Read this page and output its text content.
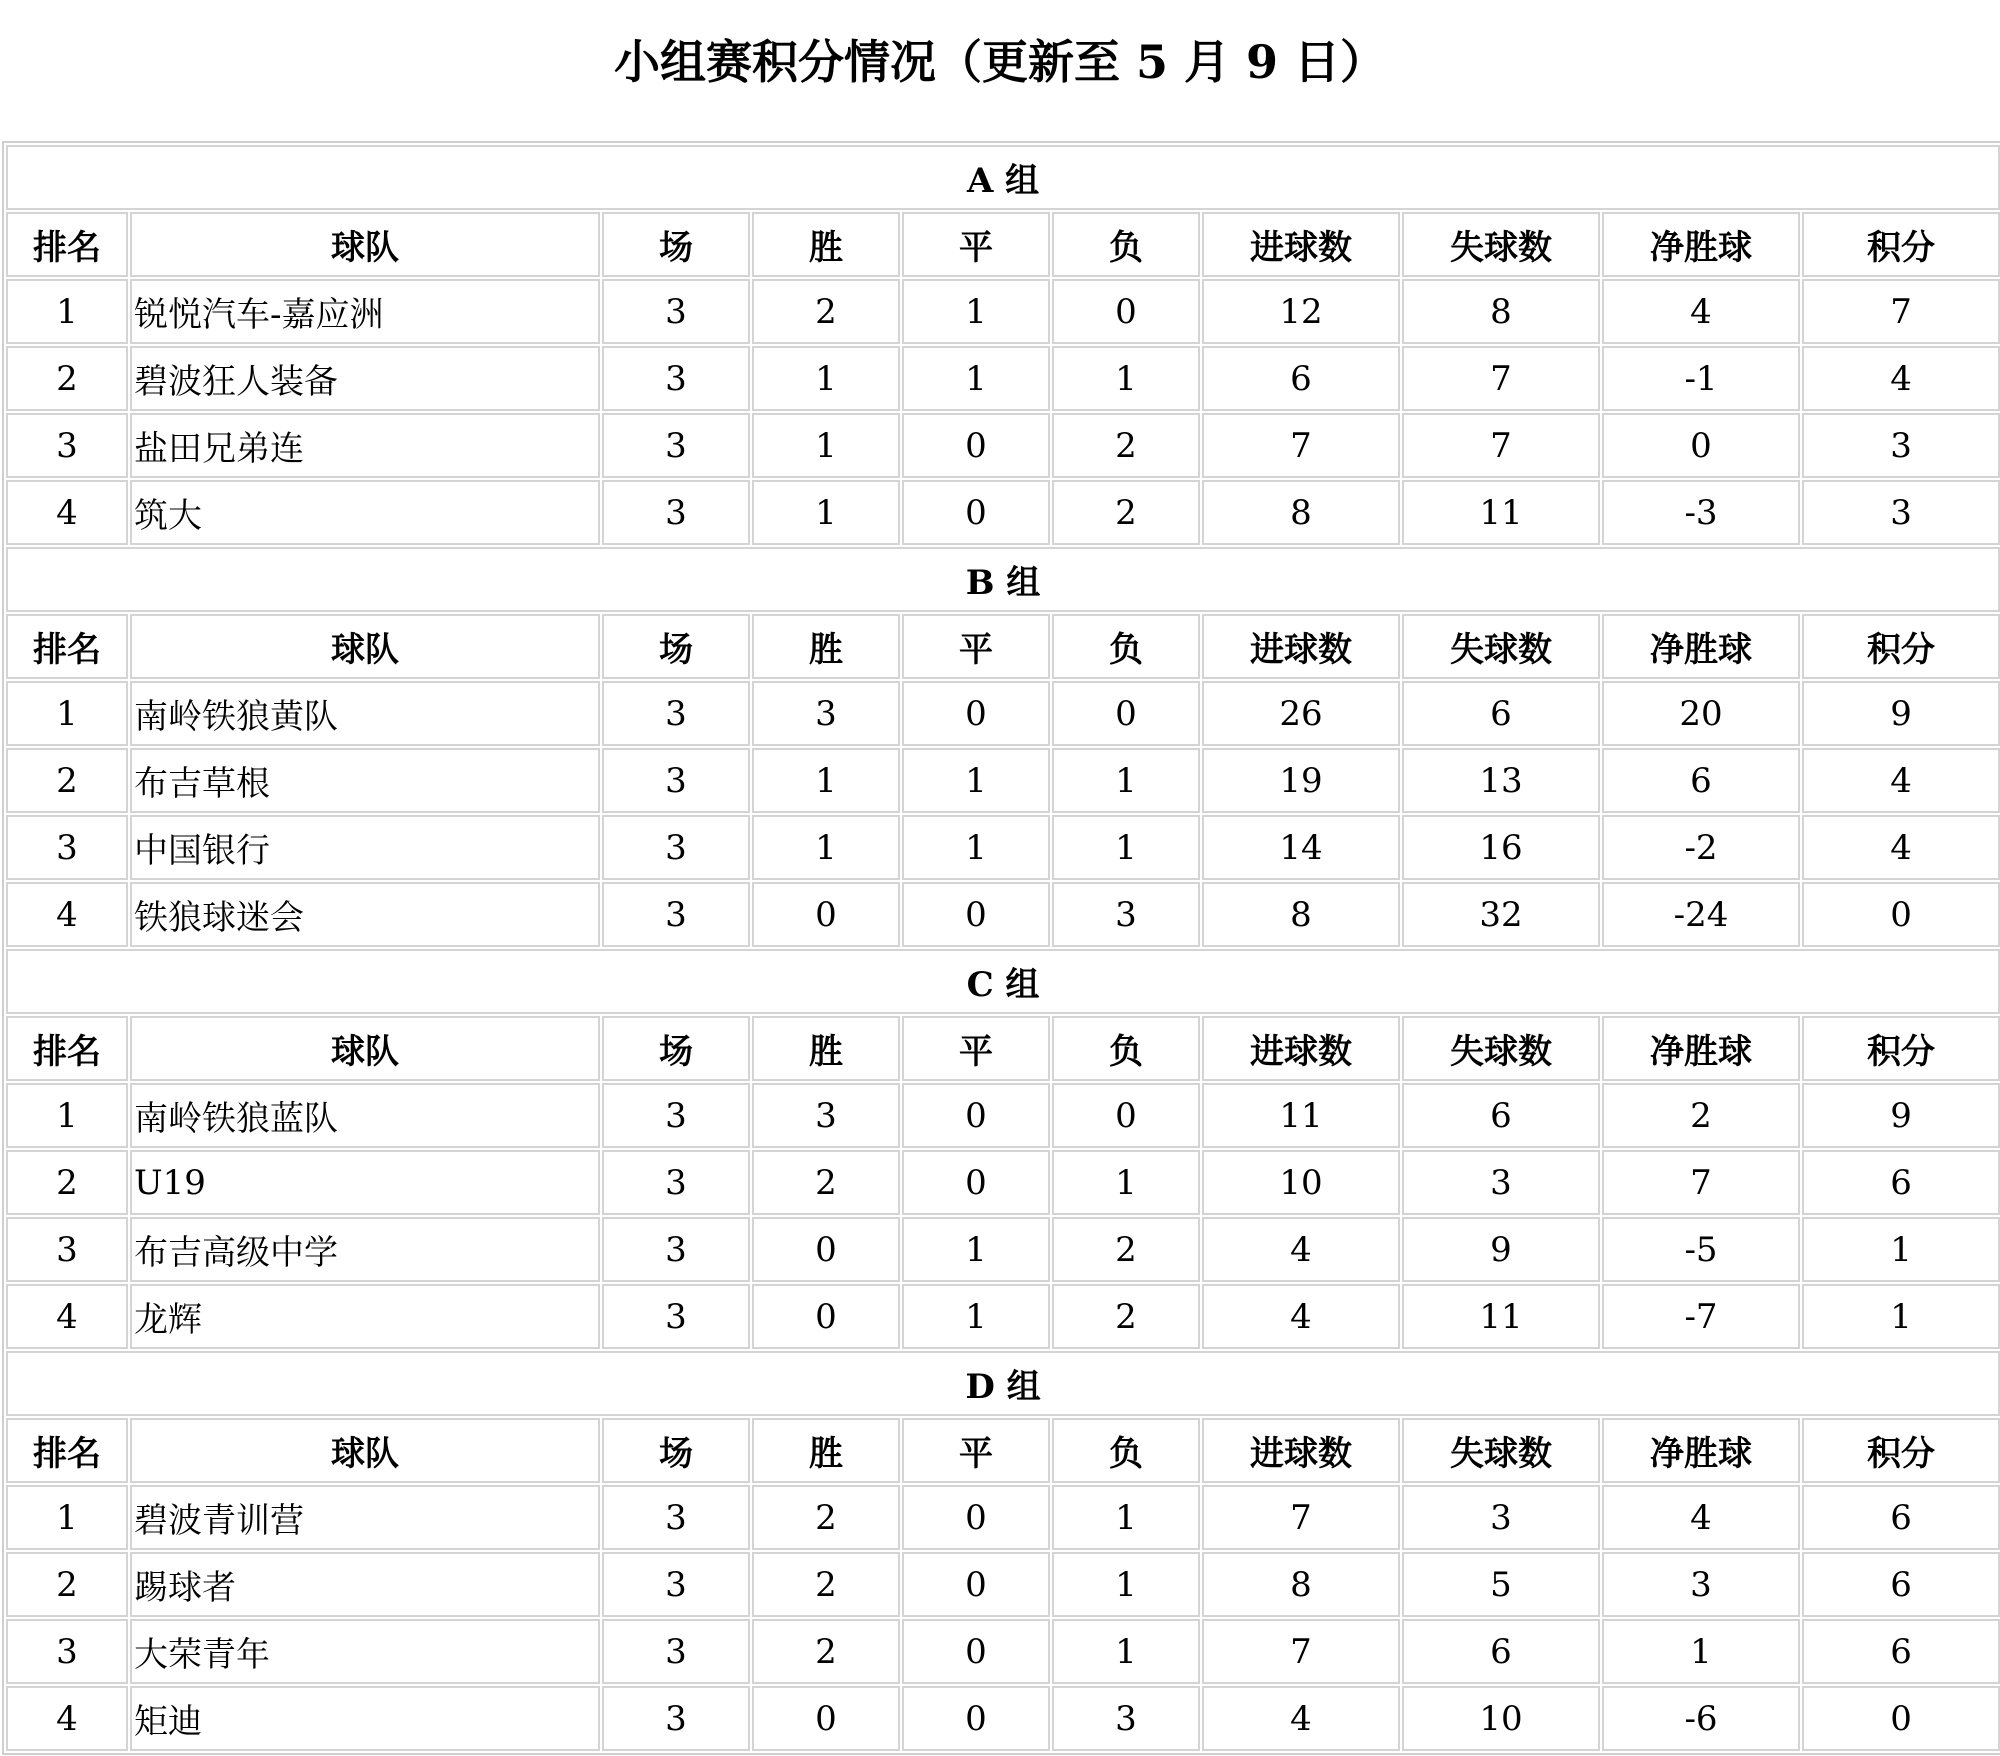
小组赛积分情况（更新至 5 月 9 日）
A 组									
排名	球队	场	胜	平	负	进球数	失球数	净胜球	积分
1	锐悦汽车-嘉应洲	3	2	1	0	12	8	4	7
2	碧波狂人装备	3	1	1	1	6	7	-1	4
3	盐田兄弟连	3	1	0	2	7	7	0	3
4	筑大	3	1	0	2	8	11	-3	3
B 组									
排名	球队	场	胜	平	负	进球数	失球数	净胜球	积分
1	南岭铁狼黄队	3	3	0	0	26	6	20	9
2	布吉草根	3	1	1	1	19	13	6	4
3	中国银行	3	1	1	1	14	16	-2	4
4	铁狼球迷会	3	0	0	3	8	32	-24	0
C 组									
排名	球队	场	胜	平	负	进球数	失球数	净胜球	积分
1	南岭铁狼蓝队	3	3	0	0	11	6	2	9
2	U19	3	2	0	1	10	3	7	6
3	布吉高级中学	3	0	1	2	4	9	-5	1
4	龙辉	3	0	1	2	4	11	-7	1
D 组									
排名	球队	场	胜	平	负	进球数	失球数	净胜球	积分
1	碧波青训营	3	2	0	1	7	3	4	6
2	踢球者	3	2	0	1	8	5	3	6
3	大荣青年	3	2	0	1	7	6	1	6
4	矩迪	3	0	0	3	4	10	-6	0
